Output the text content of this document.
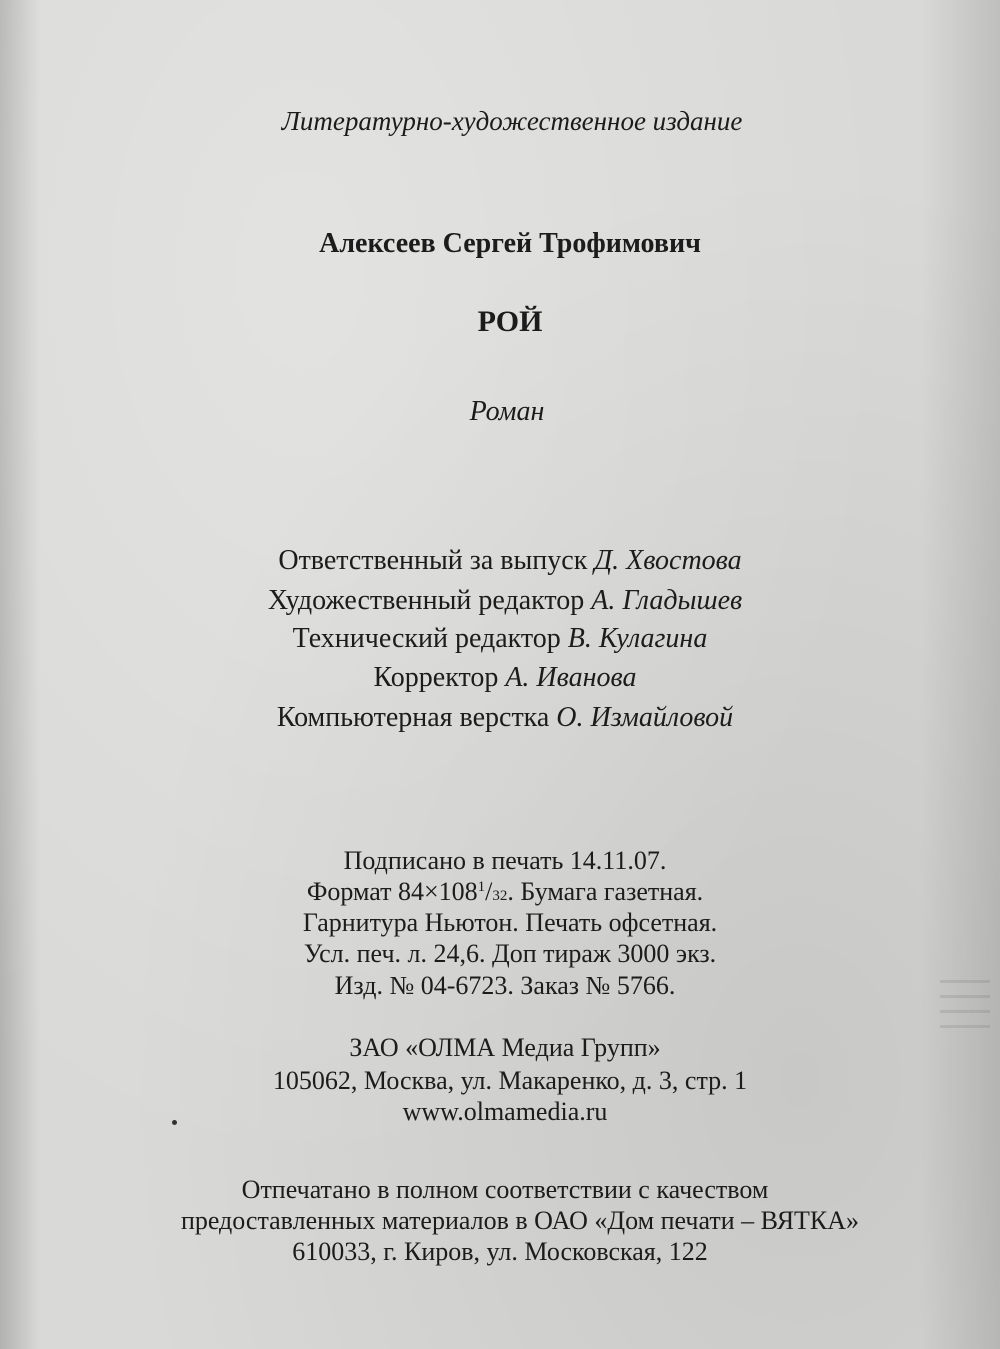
Литературно-художественное издание
Алексеев Сергей Трофимович
РОЙ
Роман
Ответственный за выпуск Д. Хвостова
Художественный редактор А. Гладышев
Технический редактор В. Кулагина
Корректор А. Иванова
Компьютерная верстка О. Измайловой
Подписано в печать 14.11.07.
Формат $84\times 108^1/32$. Бумага газетная.
Гарнитура Ньютон. Печать офсетная.
Усл. печ. л. 24,6. Доп тираж 3000 экз.
Изд. № 04-6723. Заказ № 5766.
ЗАО «ОЛМА Медиа Групп»
105062, Москва, ул. Макаренко, д. 3, стр. 1
www.olmamedia.ru
Отпечатано в полном соответствии с качеством
предоставленных материалов в ОАО «Дом печати – ВЯТКА»
610033, г. Киров, ул. Московская, 122
